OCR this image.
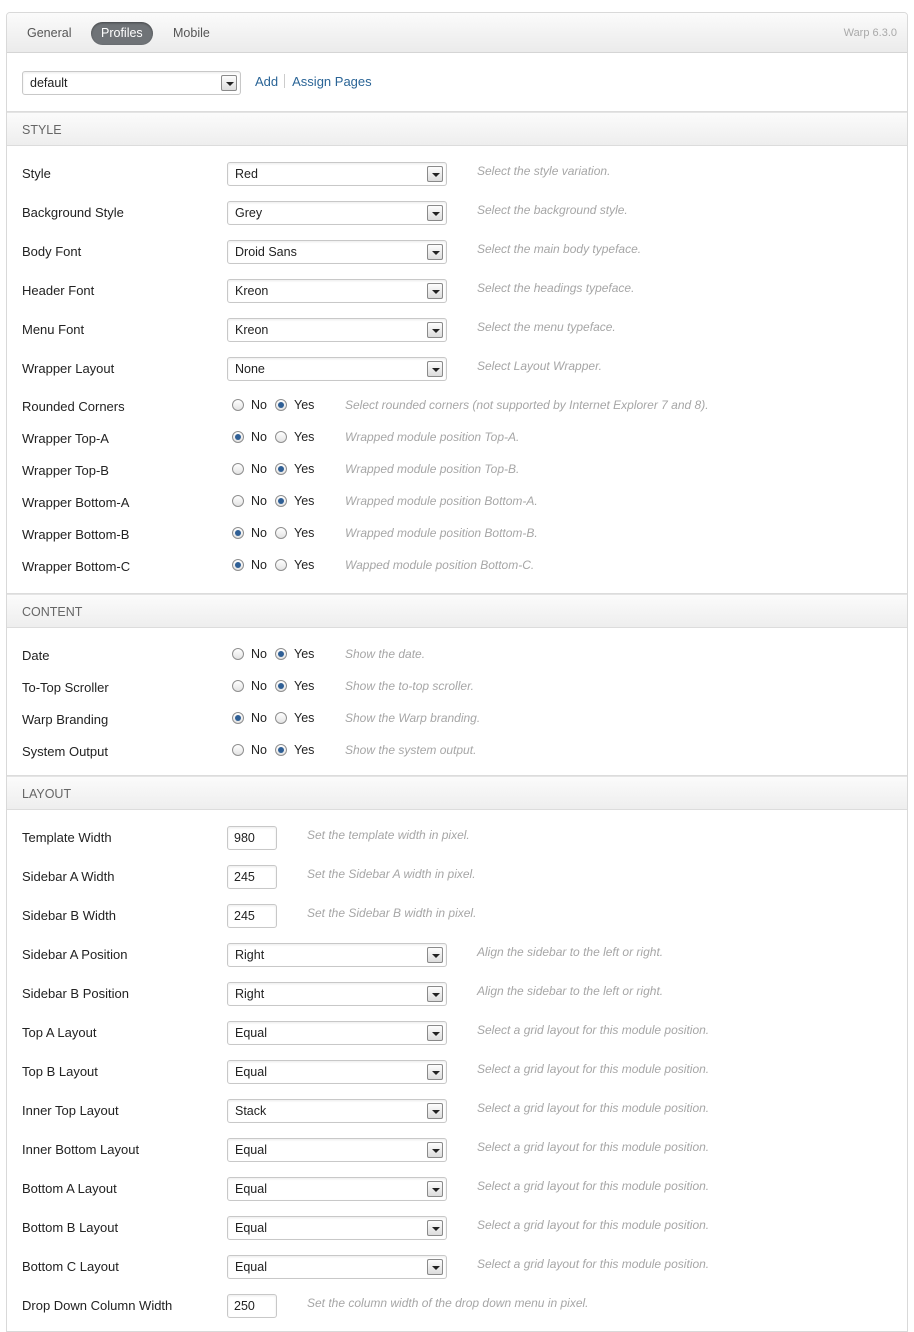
General	Profiles	Mobile	Warp 6.3.0
default	Add Assign Pages
STYLE
Style	Red	Select the style variation.
Background Style	Grey	Select the background style.
Body Font	Droid Sans	Select the main body typeface.
Header Font	Kreon	Select the headings typeface.
Menu Font	Kreon	Select the menu typeface.
Wrapper Layout	None	Select Layout Wrapper.
Rounded Corners	No Yes	Select rounded corners (not supported by Internet Explorer 7 and 8).
Wrapper Top-A	No Yes	Wrapped module position Top-A.
Wrapper Top-B	No Yes	Wrapped module position Top-B.
Wrapper Bottom-A	No Yes	Wrapped module position Bottom-A.
Wrapper Bottom-B	No Yes	Wrapped module position Bottom-B.
Wrapper Bottom-C	No Yes	Wapped module position Bottom-C.
CONTENT
Date	No Yes	Show the date.
To-Top Scroller	No Yes	Show the to-top scroller.
Warp Branding	No Yes	Show the Warp branding.
System Output	No Yes	Show the system output.
LAYOUT
Template Width	980	Set the template width in pixel.
Sidebar A Width	245	Set the Sidebar A width in pixel.
Sidebar B Width	245	Set the Sidebar B width in pixel.
Sidebar A Position	Right	Align the sidebar to the left or right.
Sidebar B Position	Right	Align the sidebar to the left or right.
Top A Layout	Equal	Select a grid layout for this module position.
Top B Layout	Equal	Select a grid layout for this module position.
Inner Top Layout	Stack	Select a grid layout for this module position.
Inner Bottom Layout	Equal	Select a grid layout for this module position.
Bottom A Layout	Equal	Select a grid layout for this module position.
Bottom B Layout	Equal	Select a grid layout for this module position.
Bottom C Layout	Equal	Select a grid layout for this module position.
Drop Down Column Width	250	Set the column width of the drop down menu in pixel.
